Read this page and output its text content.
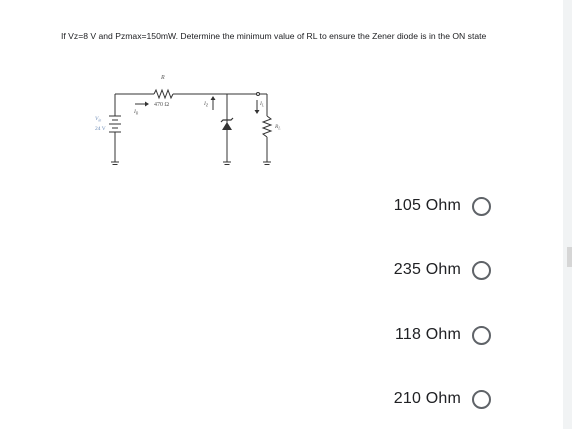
If Vz=8 V and Pzmax=150mW. Determine the minimum value of RL to ensure the Zener diode is in the ON state
R
470 Ω
$I_R$
$V_{in}$
24 V
$I_Z$	$I_L$
$R_L$
105 Ohm
235 Ohm
118 Ohm
210 Ohm
